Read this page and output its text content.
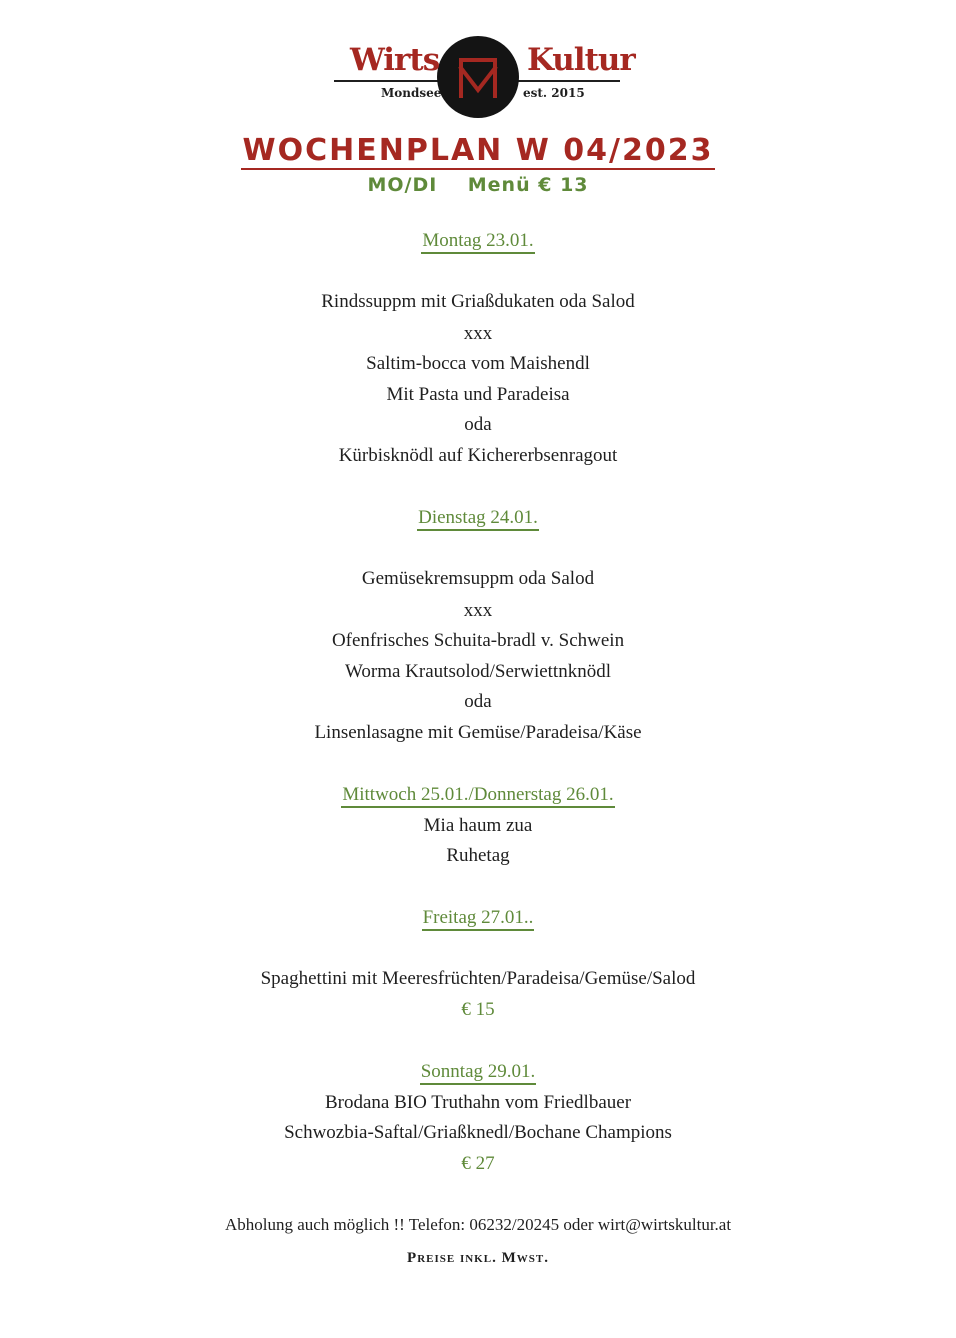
Wirts	Kultur
Mondsee	est. 2015
WOCHENPLAN W 04/2023
MO/DI    Menü € 13
Montag 23.01.
Rindssuppm mit Griaßdukaten oda Salod
xxx
Saltim-bocca vom Maishendl
Mit Pasta und Paradeisa
oda
Kürbisknödl auf Kichererbsenragout
Dienstag 24.01.
Gemüsekremsuppm oda Salod
xxx
Ofenfrisches Schuita-bradl v. Schwein
Worma Krautsolod/Serwiettnknödl
oda
Linsenlasagne mit Gemüse/Paradeisa/Käse
Mittwoch 25.01./Donnerstag 26.01.
Mia haum zua
Ruhetag
Freitag 27.01..
Spaghettini mit Meeresfrüchten/Paradeisa/Gemüse/Salod
€ 15
Sonntag 29.01.
Brodana BIO Truthahn vom Friedlbauer
Schwozbia-Saftal/Griaßknedl/Bochane Champions
€ 27
Abholung auch möglich !! Telefon: 06232/20245 oder wirt@wirtskultur.at
Preise inkl. Mwst.
